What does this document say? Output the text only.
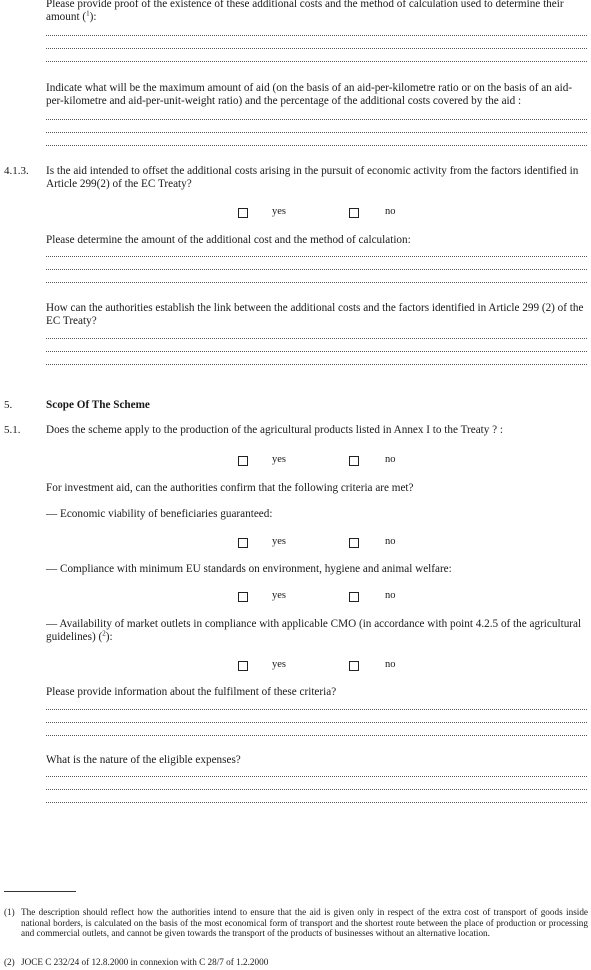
Please provide proof of the existence of these additional costs and the method of calculation used to determine their amount ($^1$):
Indicate what will be the maximum amount of aid (on the basis of an aid-per-kilometre ratio or on the basis of an aid-per-kilometre and aid-per-unit-weight ratio) and the percentage of the additional costs covered by the aid :
4.1.3. Is the aid intended to offset the additional costs arising in the pursuit of economic activity from the factors identified in Article 299(2) of the EC Treaty?
yes	no
Please determine the amount of the additional cost and the method of calculation:
How can the authorities establish the link between the additional costs and the factors identified in Article 299 (2) of the EC Treaty?
5.	Scope Of The Scheme
5.1. Does the scheme apply to the production of the agricultural products listed in Annex I to the Treaty ? :
yes	no
For investment aid, can the authorities confirm that the following criteria are met?
— Economic viability of beneficiaries guaranteed:
yes	no
— Compliance with minimum EU standards on environment, hygiene and animal welfare:
yes	no
— Availability of market outlets in compliance with applicable CMO (in accordance with point 4.2.5 of the agricultural guidelines) ($^2$):
yes	no
Please provide information about the fulfilment of these criteria?
What is the nature of the eligible expenses?
(1) The description should reflect how the authorities intend to ensure that the aid is given only in respect of the extra cost of transport of goods inside national borders, is calculated on the basis of the most economical form of transport and the shortest route between the place of production or processing and commercial outlets, and cannot be given towards the transport of the products of businesses without an alternative location.
(2) JOCE C 232/24 of 12.8.2000 in connexion with C 28/7 of 1.2.2000
